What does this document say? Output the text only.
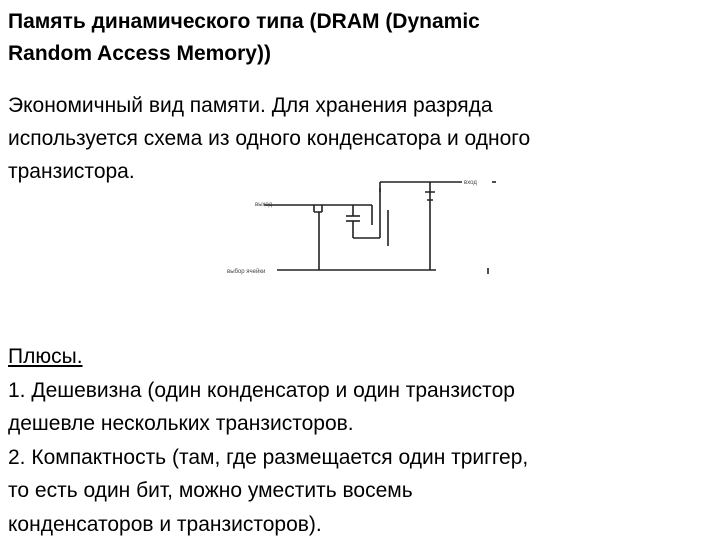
Память динамического типа (DRAM (Dynamic
Random Access Memory))
Экономичный вид памяти. Для хранения разряда
используется схема из одного конденсатора и одного
транзистора.
выход
вход
выбор ячейки
Плюсы.
1. Дешевизна (один конденсатор и один транзистор
дешевле нескольких транзисторов.
2. Компактность (там, где размещается один триггер,
то есть один бит, можно уместить восемь
конденсаторов и транзисторов).
